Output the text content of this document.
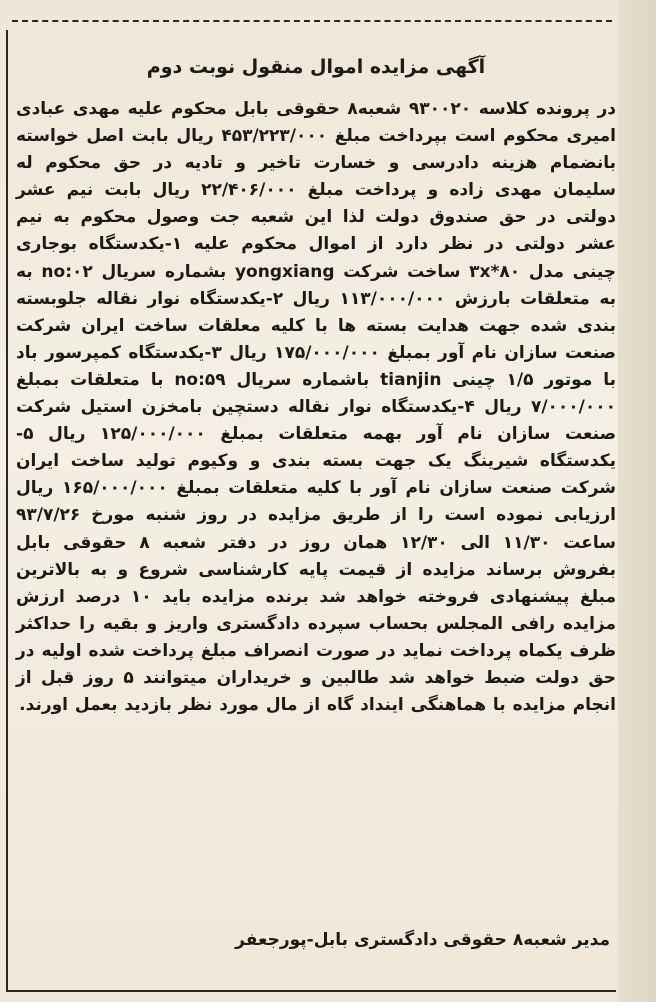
آگهی مزایده اموال منقول نوبت دوم

در پرونده کلاسه ۹۳۰۰۲۰ شعبه۸ حقوقی بابل محکوم علیه مهدی عبادی امیری محکوم است بپرداخت مبلغ ۴۵۳/۲۲۳/۰۰۰ ریال بابت اصل خواسته بانضمام هزینه دادرسی و خسارت تاخیر و تادیه در حق محکوم له سلیمان مهدی زاده و پرداخت مبلغ ۲۲/۴۰۶/۰۰۰ ریال بابت نیم عشر دولتی در حق صندوق دولت لذا این شعبه جت وصول محکوم به نیم عشر دولتی در نظر دارد از اموال محکوم علیه ۱-یکدستگاه بوجاری چینی مدل ۸۰*۳x ساخت شرکت yongxiang بشماره سریال no:۰۲ به به متعلقات بارزش ۱۱۳/۰۰۰/۰۰۰ ریال ۲-یکدستگاه نوار نقاله جلوبسته بندی شده جهت هدایت بسته ها با کلیه معلقات ساخت ایران شرکت صنعت سازان نام آور بمبلغ ۱۷۵/۰۰۰/۰۰۰ ریال ۳-یکدستگاه کمپرسور باد با موتور ۱/۵ چینی tianjin باشماره سریال no:۵۹ با متعلقات بمبلغ ۷/۰۰۰/۰۰۰ ریال ۴-یکدستگاه نوار نقاله دستچین بامخزن استیل شرکت صنعت سازان نام آور بهمه متعلقات بمبلغ ۱۲۵/۰۰۰/۰۰۰ ریال ۵-یکدستگاه شیرینگ یک جهت بسته بندی و وکیوم تولید ساخت ایران شرکت صنعت سازان نام آور با کلیه متعلقات بمبلغ ۱۶۵/۰۰۰/۰۰۰ ریال ارزیابی نموده است را از طریق مزایده در روز شنبه مورخ ۹۳/۷/۲۶ ساعت ۱۱/۳۰ الی ۱۲/۳۰ همان روز در دفتر شعبه ۸ حقوقی بابل بفروش برساند مزایده از قیمت پایه کارشناسی شروع و به بالاترین مبلغ پیشنهادی فروخته خواهد شد برنده مزایده باید ۱۰ درصد ارزش مزایده رافی المجلس بحساب سپرده دادگستری واریز و بقیه را حداکثر ظرف یکماه پرداخت نماید در صورت انصراف مبلغ پرداخت شده اولیه در حق دولت ضبط خواهد شد طالبین و خریداران میتوانند ۵ روز قبل از انجام مزایده با هماهنگی اینداد گاه از مال مورد نظر بازدید بعمل اورند.

مدیر شعبه۸ حقوقی دادگستری بابل-پورجعفر
